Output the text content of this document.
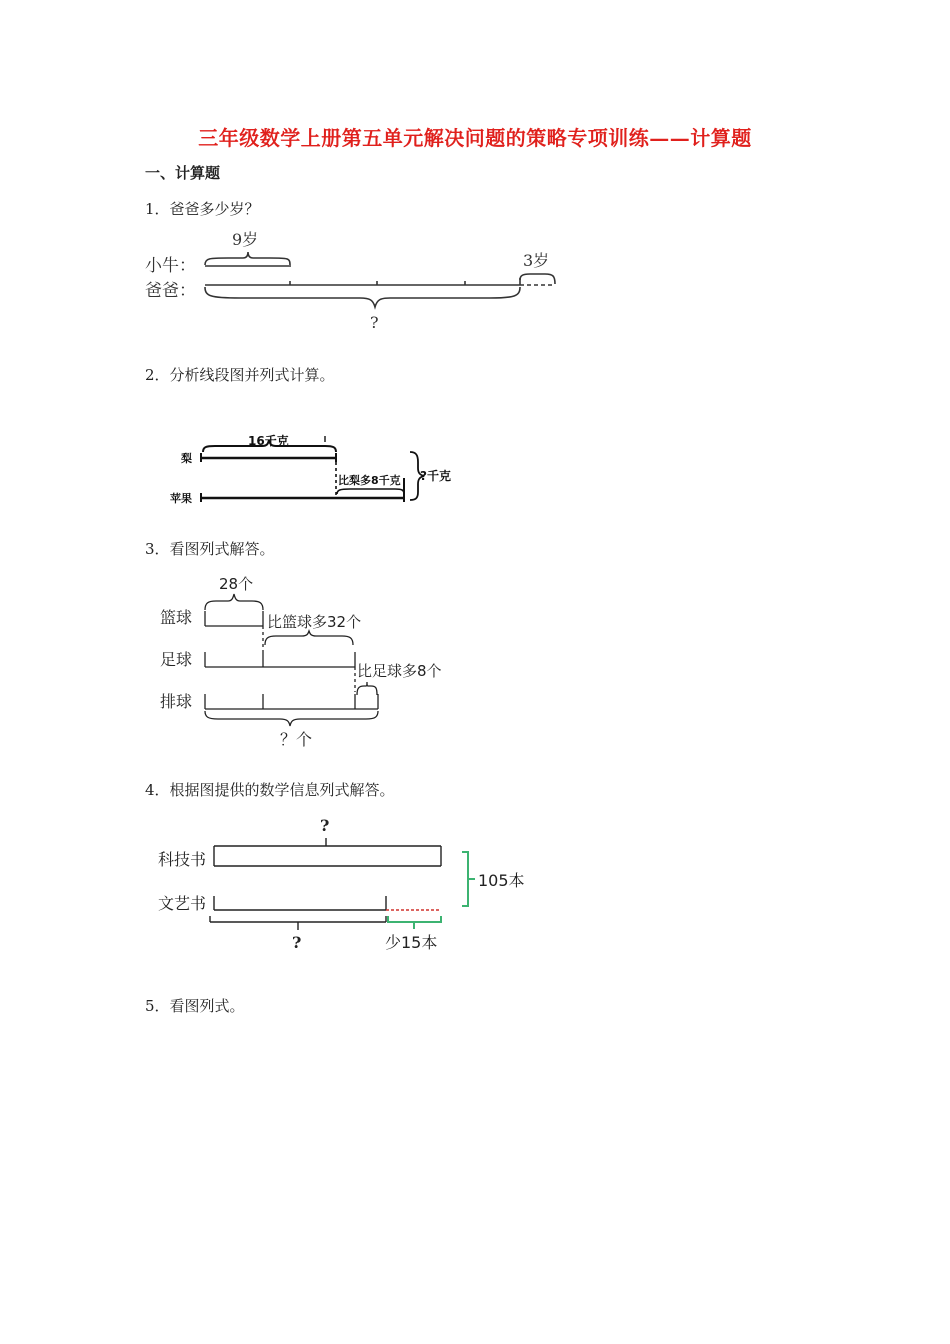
三年级数学上册第五单元解决问题的策略专项训练——计算题
一、计算题
1．爸爸多少岁？
小牛：
爸爸：
9岁
3岁
?
2．分析线段图并列式计算。
梨
苹果
16千克
比梨多8千克 ?千克
3．看图列式解答。
篮球
足球
排球
28个
比篮球多32个
比足球多8个
？个
4．根据图提供的数学信息列式解答。
科技书
文艺书
?
105本
?	少15本
5．看图列式。
